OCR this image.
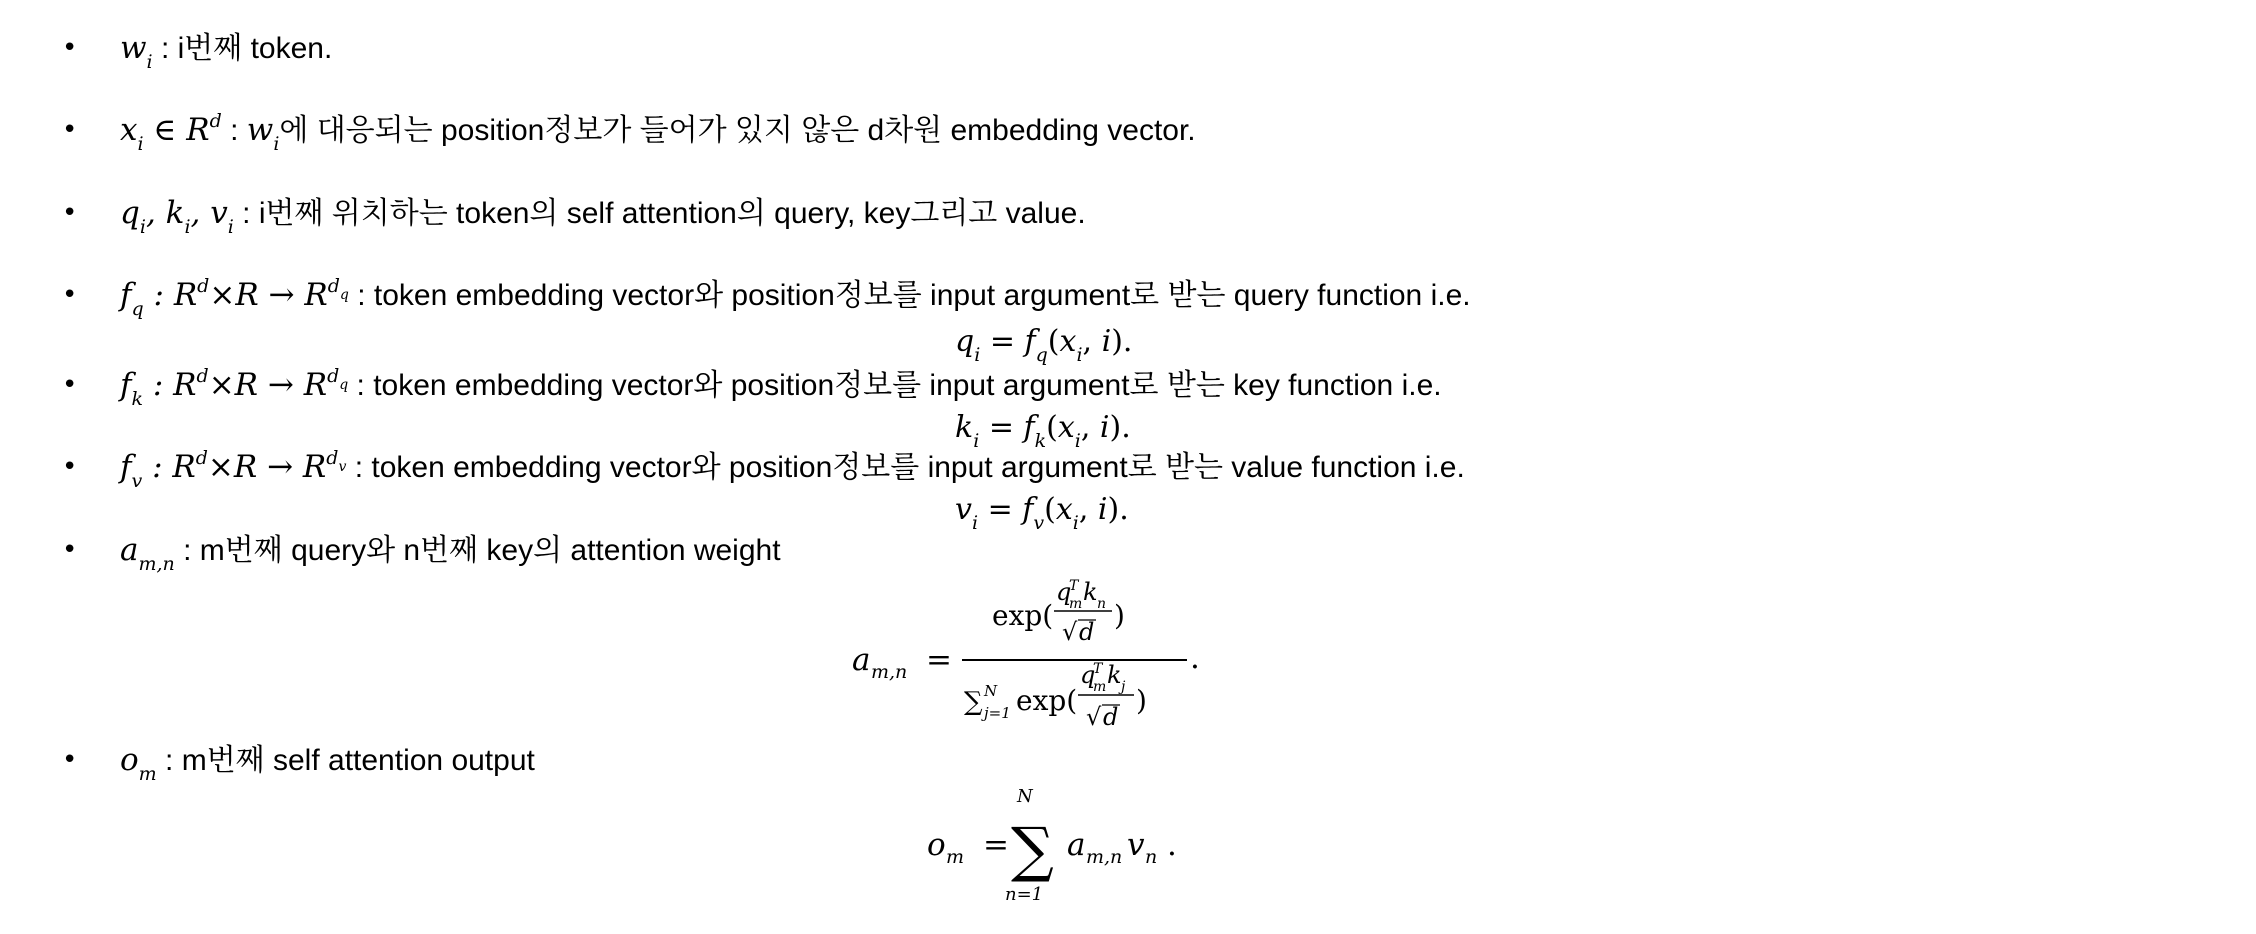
• $w_i$ : i번째 token.
• $x_i$ ∈ $R^d$ : $w_i$에 대응되는 position정보가 들어가 있지 않은 d차원 embedding vector.
• $q_i$, $k_i$, $v_i$ : i번째 위치하는 token의 self attention의 query, key그리고 value.
• $f_q$ : $R^d\times R \to R^{d_q}$ : token embedding vector와 position정보를 input argument로 받는 query function i.e.
$q_i = f_q(x_i$, i).
• $f_k$ : $R^d\times R \to R^{d_q}$ : token embedding vector와 position정보를 input argument로 받는 key function i.e.
$k_i = f_k(x_i$, i).
• $f_v$ : $R^d\times R \to R^{d_v}$ : token embedding vector와 position정보를 input argument로 받는 value function i.e.
$v_i = f_v(x_i$, i).
• $a_{m,n}$ : m번째 query와 n번째 key의 attention weight
a m,n =
exp(
q
T
m k n
√ d )
.
∑ N
j=1 exp(
q
T
m k j
√ d )
• $o_m$ : m번째 self attention output
o m =
N
∑
n=1
a m,n v n .
